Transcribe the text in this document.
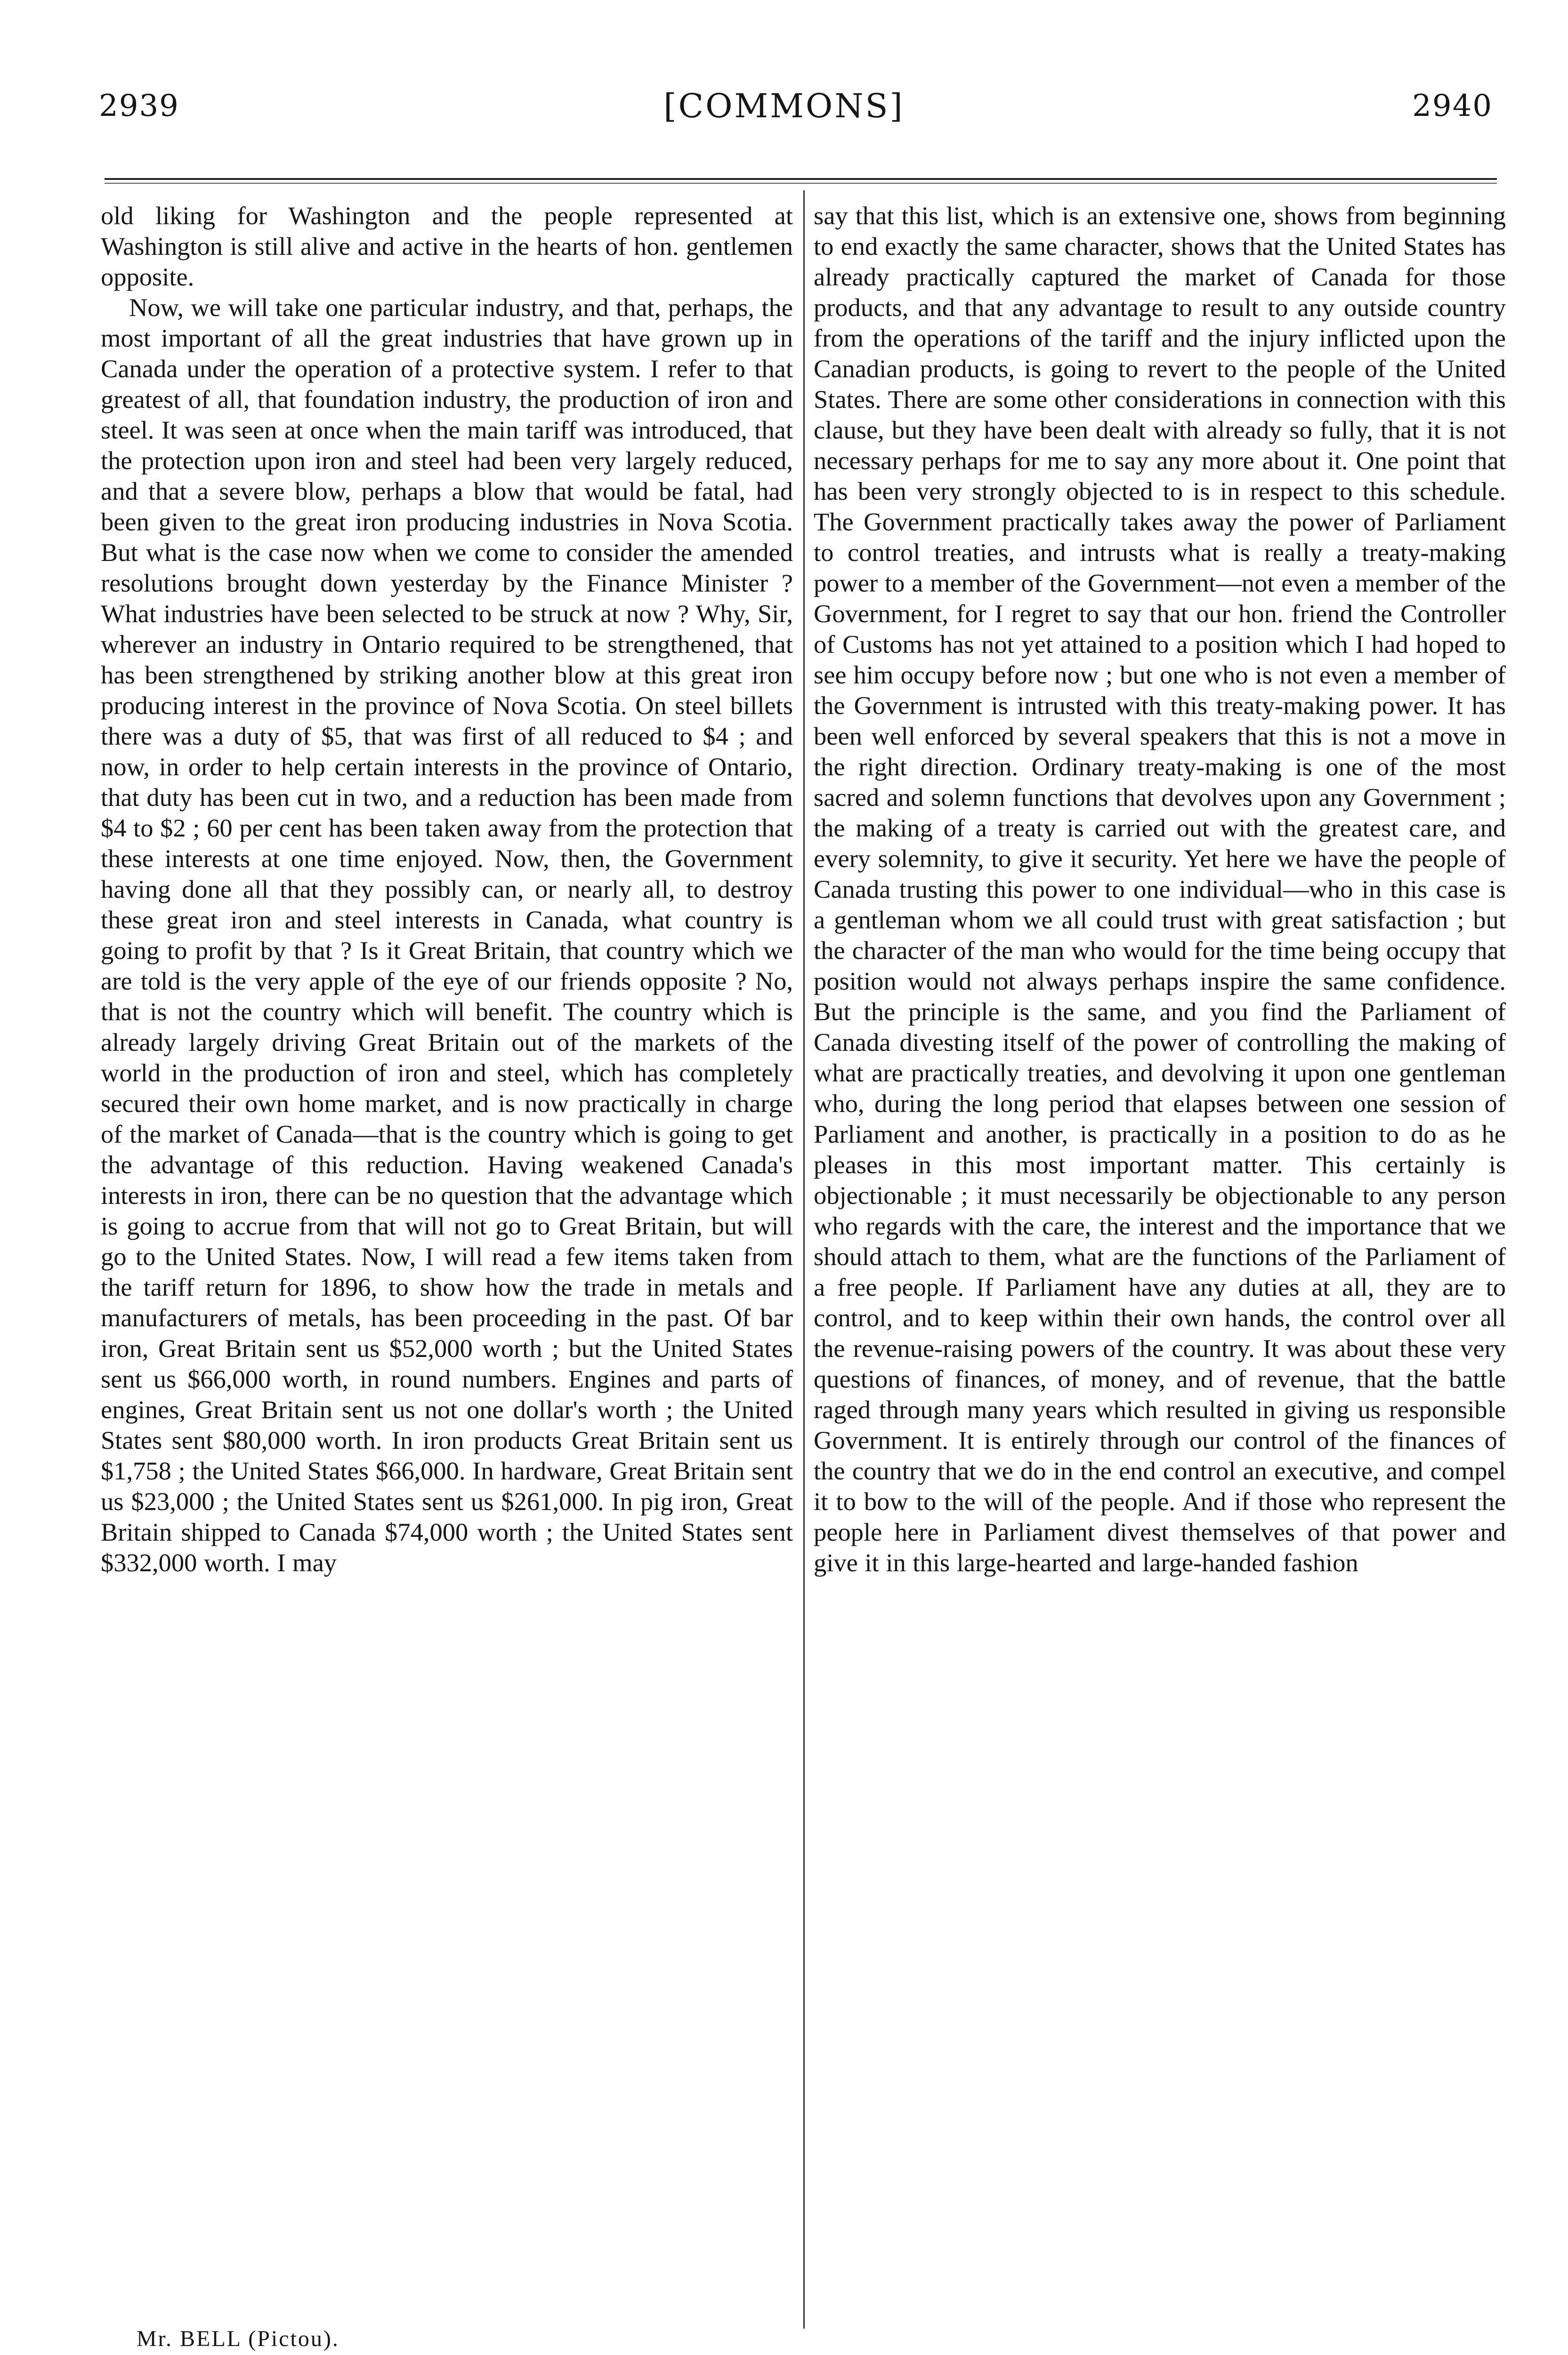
2939	[COMMONS]	2940

old liking for Washington and the people represented at Washington is still alive and active in the hearts of hon. gentlemen opposite.

Now, we will take one particular industry, and that, perhaps, the most important of all the great industries that have grown up in Canada under the operation of a protective system. I refer to that greatest of all, that foundation industry, the production of iron and steel. It was seen at once when the main tariff was introduced, that the protection upon iron and steel had been very largely reduced, and that a severe blow, perhaps a blow that would be fatal, had been given to the great iron producing industries in Nova Scotia. But what is the case now when we come to consider the amended resolutions brought down yesterday by the Finance Minister ? What industries have been selected to be struck at now ? Why, Sir, wherever an industry in Ontario required to be strengthened, that has been strengthened by striking another blow at this great iron producing interest in the province of Nova Scotia. On steel billets there was a duty of $5, that was first of all reduced to $4 ; and now, in order to help certain interests in the province of Ontario, that duty has been cut in two, and a reduction has been made from $4 to $2 ; 60 per cent has been taken away from the protection that these interests at one time enjoyed. Now, then, the Government having done all that they possibly can, or nearly all, to destroy these great iron and steel interests in Canada, what country is going to profit by that ? Is it Great Britain, that country which we are told is the very apple of the eye of our friends opposite ? No, that is not the country which will benefit. The country which is already largely driving Great Britain out of the markets of the world in the production of iron and steel, which has completely secured their own home market, and is now practically in charge of the market of Canada—that is the country which is going to get the advantage of this reduction. Having weakened Canada's interests in iron, there can be no question that the advantage which is going to accrue from that will not go to Great Britain, but will go to the United States. Now, I will read a few items taken from the tariff return for 1896, to show how the trade in metals and manufacturers of metals, has been proceeding in the past. Of bar iron, Great Britain sent us $52,000 worth ; but the United States sent us $66,000 worth, in round numbers. Engines and parts of engines, Great Britain sent us not one dollar's worth ; the United States sent $80,000 worth. In iron products Great Britain sent us $1,758 ; the United States $66,000. In hardware, Great Britain sent us $23,000 ; the United States sent us $261,000. In pig iron, Great Britain shipped to Canada $74,000 worth ; the United States sent $332,000 worth. I may

say that this list, which is an extensive one, shows from beginning to end exactly the same character, shows that the United States has already practically captured the market of Canada for those products, and that any advantage to result to any outside country from the operations of the tariff and the injury inflicted upon the Canadian products, is going to revert to the people of the United States. There are some other considerations in connection with this clause, but they have been dealt with already so fully, that it is not necessary perhaps for me to say any more about it. One point that has been very strongly objected to is in respect to this schedule. The Government practically takes away the power of Parliament to control treaties, and intrusts what is really a treaty-making power to a member of the Government—not even a member of the Government, for I regret to say that our hon. friend the Controller of Customs has not yet attained to a position which I had hoped to see him occupy before now ; but one who is not even a member of the Government is intrusted with this treaty-making power. It has been well enforced by several speakers that this is not a move in the right direction. Ordinary treaty-making is one of the most sacred and solemn functions that devolves upon any Government ; the making of a treaty is carried out with the greatest care, and every solemnity, to give it security. Yet here we have the people of Canada trusting this power to one individual—who in this case is a gentleman whom we all could trust with great satisfaction ; but the character of the man who would for the time being occupy that position would not always perhaps inspire the same confidence. But the principle is the same, and you find the Parliament of Canada divesting itself of the power of controlling the making of what are practically treaties, and devolving it upon one gentleman who, during the long period that elapses between one session of Parliament and another, is practically in a position to do as he pleases in this most important matter. This certainly is objectionable ; it must necessarily be objectionable to any person who regards with the care, the interest and the importance that we should attach to them, what are the functions of the Parliament of a free people. If Parliament have any duties at all, they are to control, and to keep within their own hands, the control over all the revenue-raising powers of the country. It was about these very questions of finances, of money, and of revenue, that the battle raged through many years which resulted in giving us responsible Government. It is entirely through our control of the finances of the country that we do in the end control an executive, and compel it to bow to the will of the people. And if those who represent the people here in Parliament divest themselves of that power and give it in this large-hearted and large-handed fashion

Mr. BELL (Pictou).
